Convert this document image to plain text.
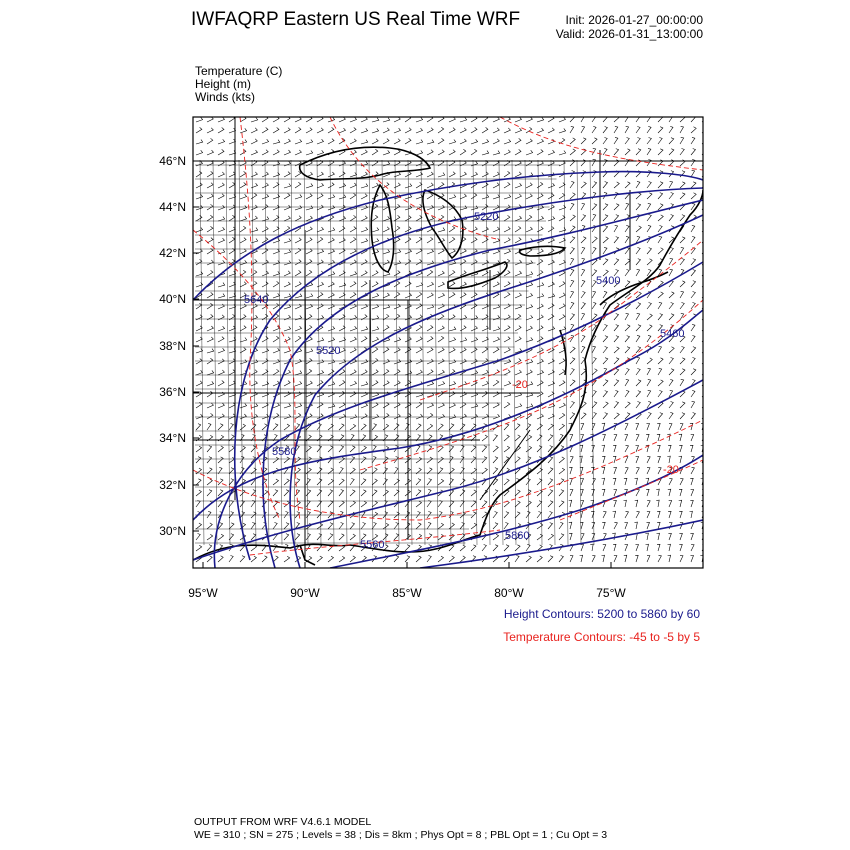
IWFAQRP Eastern US Real Time WRF	Init: 2026-01-27_00:00:00
Valid: 2026-01-31_13:00:00
Temperature (C)
Height (m)
Winds (kts)
46°N
44°N
42°N
40°N
38°N
36°N
34°N
32°N
30°N
95°W	90°W	85°W	80°W	75°W
5220
5640
5520
5580
5400
5460
5860
5560
-20
-20
Height Contours: 5200 to 5860 by 60
Temperature Contours: -45 to -5 by 5
OUTPUT FROM WRF V4.6.1 MODEL
WE = 310 ; SN = 275 ; Levels = 38 ; Dis = 8km ; Phys Opt = 8 ; PBL Opt = 1 ; Cu Opt = 3
